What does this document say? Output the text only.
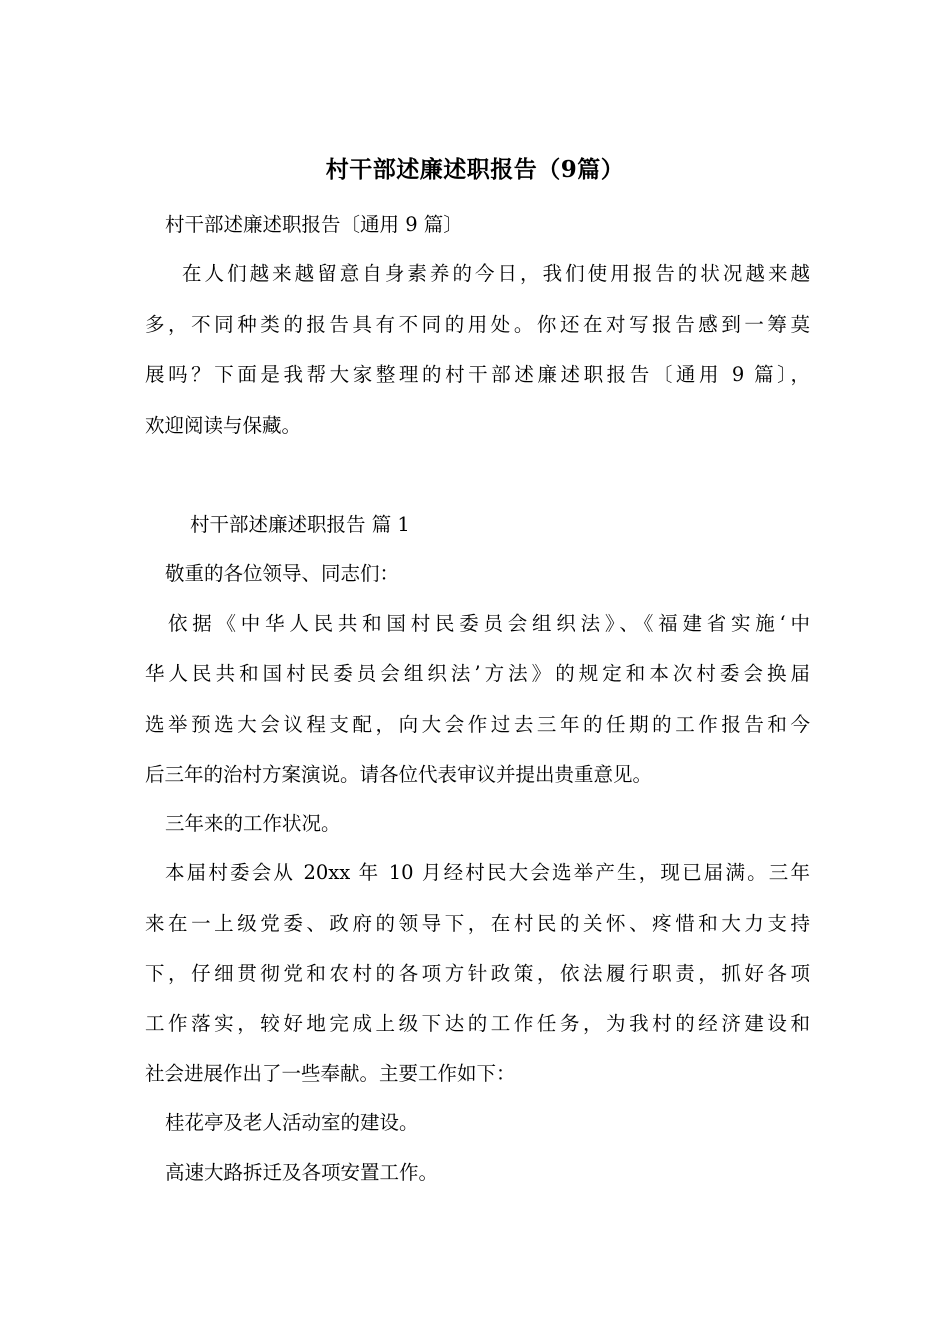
村干部述廉述职报告（9篇）
村干部述廉述职报告〔通用 9 篇〕
在人们越来越留意自身素养的今日，我们使用报告的状况越来越
多，不同种类的报告具有不同的用处。你还在对写报告感到一筹莫
展吗？下面是我帮大家整理的村干部述廉述职报告〔通用 9 篇〕，
欢迎阅读与保藏。
村干部述廉述职报告 篇 1
敬重的各位领导、同志们：
依据《中华人民共和国村民委员会组织法》、《福建省实施‘中
华人民共和国村民委员会组织法’方法》的规定和本次村委会换届
选举预选大会议程支配，向大会作过去三年的任期的工作报告和今
后三年的治村方案演说。请各位代表审议并提出贵重意见。
三年来的工作状况。
本届村委会从 20xx 年 10 月经村民大会选举产生，现已届满。三年
来在一上级党委、政府的领导下，在村民的关怀、疼惜和大力支持
下，仔细贯彻党和农村的各项方针政策，依法履行职责，抓好各项
工作落实，较好地完成上级下达的工作任务，为我村的经济建设和
社会进展作出了一些奉献。主要工作如下：
桂花亭及老人活动室的建设。
高速大路拆迁及各项安置工作。
